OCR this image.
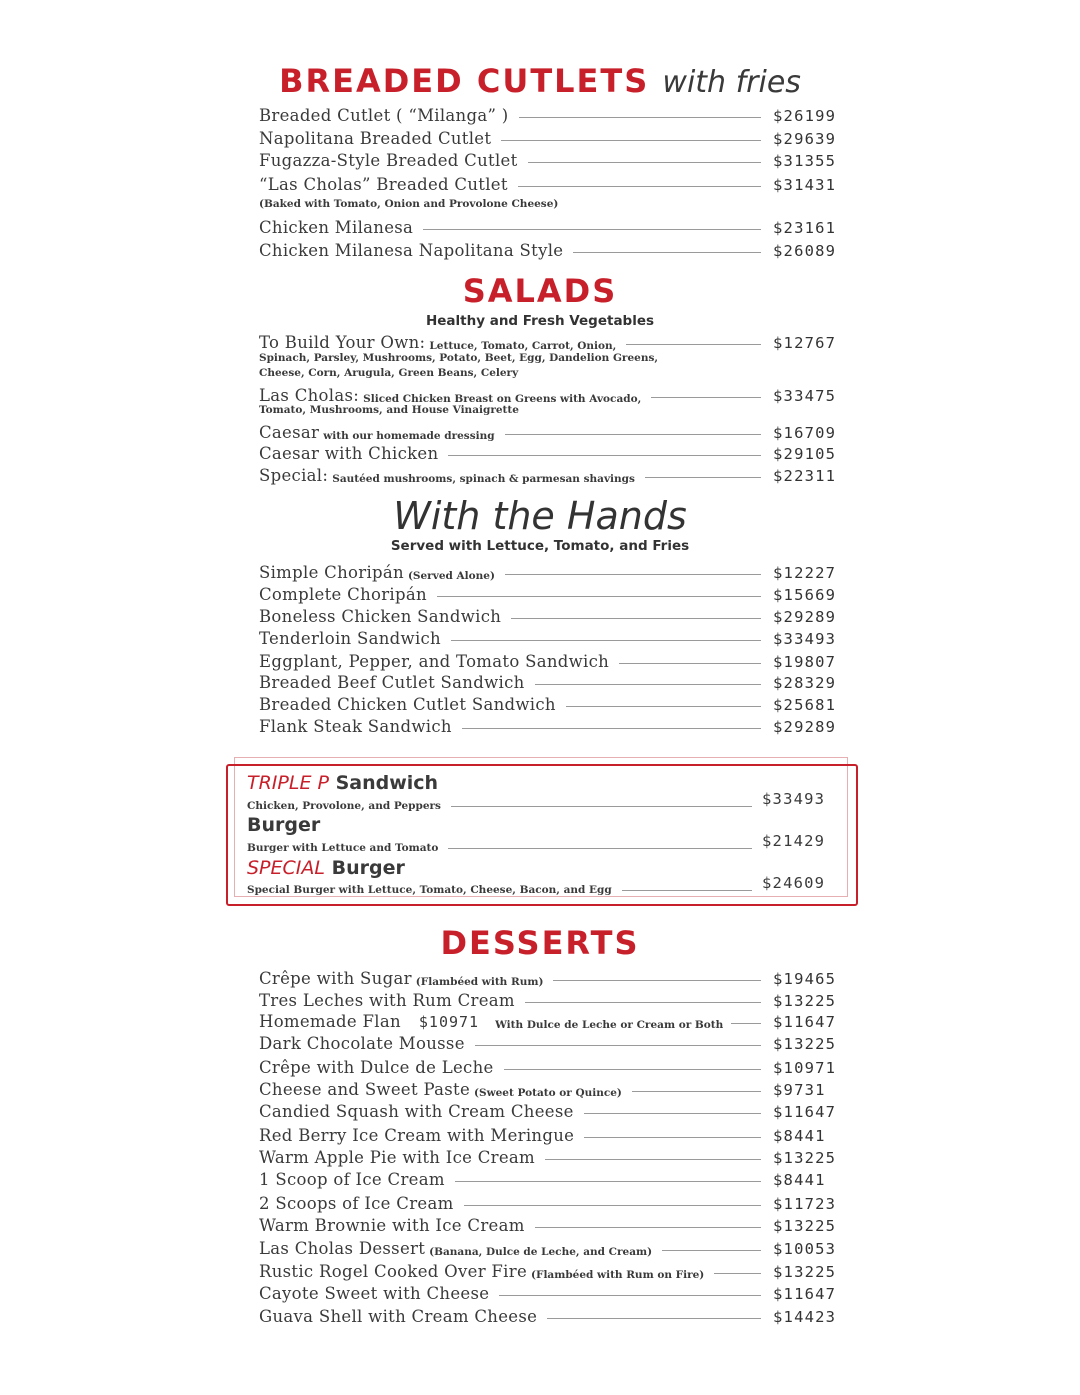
BREADED CUTLETS with fries
Breaded Cutlet ( “Milanga” )	$26199
Napolitana Breaded Cutlet	$29639
Fugazza-Style Breaded Cutlet	$31355
“Las Cholas” Breaded Cutlet	$31431
(Baked with Tomato, Onion and Provolone Cheese)
Chicken Milanesa	$23161
Chicken Milanesa Napolitana Style	$26089
SALADS
Healthy and Fresh Vegetables
To Build Your Own: Lettuce, Tomato, Carrot, Onion,	$12767
Spinach, Parsley, Mushrooms, Potato, Beet, Egg, Dandelion Greens,
Cheese, Corn, Arugula, Green Beans, Celery
Las Cholas: Sliced Chicken Breast on Greens with Avocado,	$33475
Tomato, Mushrooms, and House Vinaigrette
Caesar with our homemade dressing	$16709
Caesar with Chicken	$29105
Special: Sautéed mushrooms, spinach & parmesan shavings	$22311
With the Hands
Served with Lettuce, Tomato, and Fries
Simple Choripán (Served Alone)	$12227
Complete Choripán	$15669
Boneless Chicken Sandwich	$29289
Tenderloin Sandwich	$33493
Eggplant, Pepper, and Tomato Sandwich	$19807
Breaded Beef Cutlet Sandwich	$28329
Breaded Chicken Cutlet Sandwich	$25681
Flank Steak Sandwich	$29289
TRIPLE P Sandwich
Chicken, Provolone, and Peppers	$33493
Burger
Burger with Lettuce and Tomato	$21429
SPECIAL Burger
Special Burger with Lettuce, Tomato, Cheese, Bacon, and Egg	$24609
DESSERTS
Crêpe with Sugar (Flambéed with Rum)	$19465
Tres Leches with Rum Cream	$13225
Homemade Flan $10971 With Dulce de Leche or Cream or Both	$11647
Dark Chocolate Mousse	$13225
Crêpe with Dulce de Leche	$10971
Cheese and Sweet Paste (Sweet Potato or Quince)	$9731
Candied Squash with Cream Cheese	$11647
Red Berry Ice Cream with Meringue	$8441
Warm Apple Pie with Ice Cream	$13225
1 Scoop of Ice Cream	$8441
2 Scoops of Ice Cream	$11723
Warm Brownie with Ice Cream	$13225
Las Cholas Dessert (Banana, Dulce de Leche, and Cream)	$10053
Rustic Rogel Cooked Over Fire (Flambéed with Rum on Fire)	$13225
Cayote Sweet with Cheese	$11647
Guava Shell with Cream Cheese	$14423
